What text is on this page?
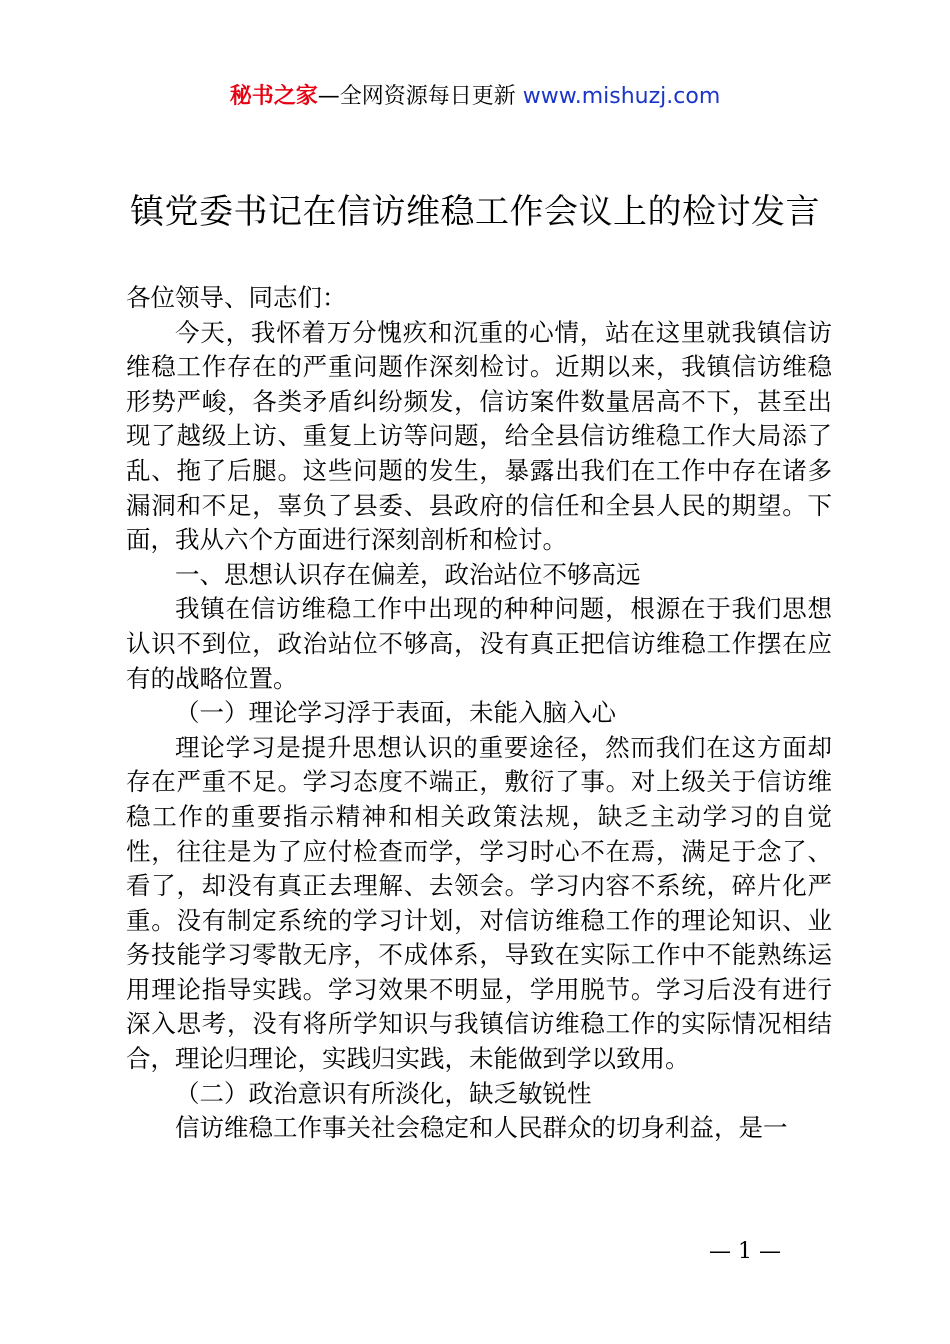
秘书之家—全网资源每日更新 www.mishuzj.com
镇党委书记在信访维稳工作会议上的检讨发言

各位领导、同志们：

今天，我怀着万分愧疚和沉重的心情，站在这里就我镇信访维稳工作存在的严重问题作深刻检讨。近期以来，我镇信访维稳形势严峻，各类矛盾纠纷频发，信访案件数量居高不下，甚至出现了越级上访、重复上访等问题，给全县信访维稳工作大局添了乱、拖了后腿。这些问题的发生，暴露出我们在工作中存在诸多漏洞和不足，辜负了县委、县政府的信任和全县人民的期望。下面，我从六个方面进行深刻剖析和检讨。

一、思想认识存在偏差，政治站位不够高远

我镇在信访维稳工作中出现的种种问题，根源在于我们思想认识不到位，政治站位不够高，没有真正把信访维稳工作摆在应有的战略位置。

（一）理论学习浮于表面，未能入脑入心

理论学习是提升思想认识的重要途径，然而我们在这方面却存在严重不足。学习态度不端正，敷衍了事。对上级关于信访维稳工作的重要指示精神和相关政策法规，缺乏主动学习的自觉性，往往是为了应付检查而学，学习时心不在焉，满足于念了、看了，却没有真正去理解、去领会。学习内容不系统，碎片化严重。没有制定系统的学习计划，对信访维稳工作的理论知识、业务技能学习零散无序，不成体系，导致在实际工作中不能熟练运用理论指导实践。学习效果不明显，学用脱节。学习后没有进行深入思考，没有将所学知识与我镇信访维稳工作的实际情况相结合，理论归理论，实践归实践，未能做到学以致用。

（二）政治意识有所淡化，缺乏敏锐性

信访维稳工作事关社会稳定和人民群众的切身利益，是一

— 1 —
